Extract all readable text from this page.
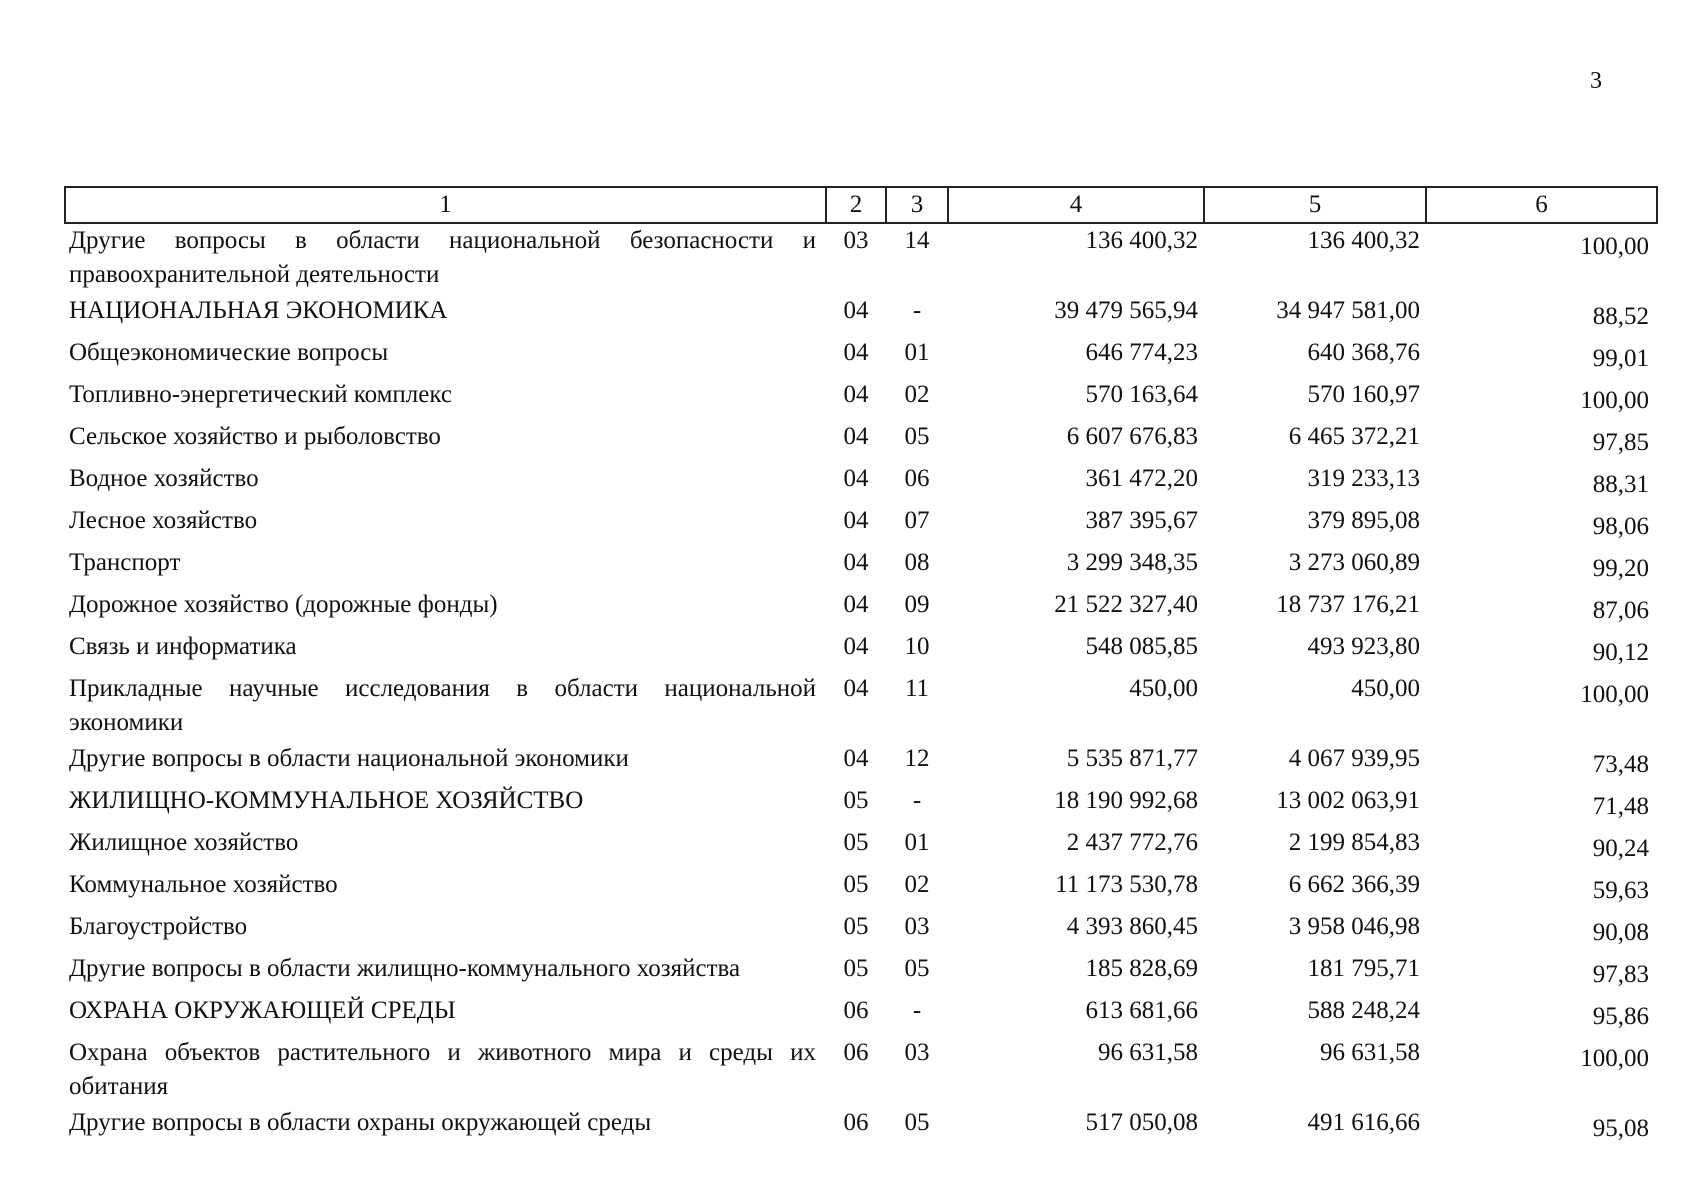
3
1	2	3	4	5	6
Другие вопросы в области национальной безопасности и правоохранительной деятельности	03	14	136 400,32	136 400,32	100,00
НАЦИОНАЛЬНАЯ ЭКОНОМИКА	04	-	39 479 565,94	34 947 581,00	88,52
Общеэкономические вопросы	04	01	646 774,23	640 368,76	99,01
Топливно-энергетический комплекс	04	02	570 163,64	570 160,97	100,00
Сельское хозяйство и рыболовство	04	05	6 607 676,83	6 465 372,21	97,85
Водное хозяйство	04	06	361 472,20	319 233,13	88,31
Лесное хозяйство	04	07	387 395,67	379 895,08	98,06
Транспорт	04	08	3 299 348,35	3 273 060,89	99,20
Дорожное хозяйство (дорожные фонды)	04	09	21 522 327,40	18 737 176,21	87,06
Связь и информатика	04	10	548 085,85	493 923,80	90,12
Прикладные научные исследования в области национальной экономики	04	11	450,00	450,00	100,00
Другие вопросы в области национальной экономики	04	12	5 535 871,77	4 067 939,95	73,48
ЖИЛИЩНО-КОММУНАЛЬНОЕ ХОЗЯЙСТВО	05	-	18 190 992,68	13 002 063,91	71,48
Жилищное хозяйство	05	01	2 437 772,76	2 199 854,83	90,24
Коммунальное хозяйство	05	02	11 173 530,78	6 662 366,39	59,63
Благоустройство	05	03	4 393 860,45	3 958 046,98	90,08
Другие вопросы в области жилищно-коммунального хозяйства	05	05	185 828,69	181 795,71	97,83
ОХРАНА ОКРУЖАЮЩЕЙ СРЕДЫ	06	-	613 681,66	588 248,24	95,86
Охрана объектов растительного и животного мира и среды их обитания	06	03	96 631,58	96 631,58	100,00
Другие вопросы в области охраны окружающей среды	06	05	517 050,08	491 616,66	95,08
